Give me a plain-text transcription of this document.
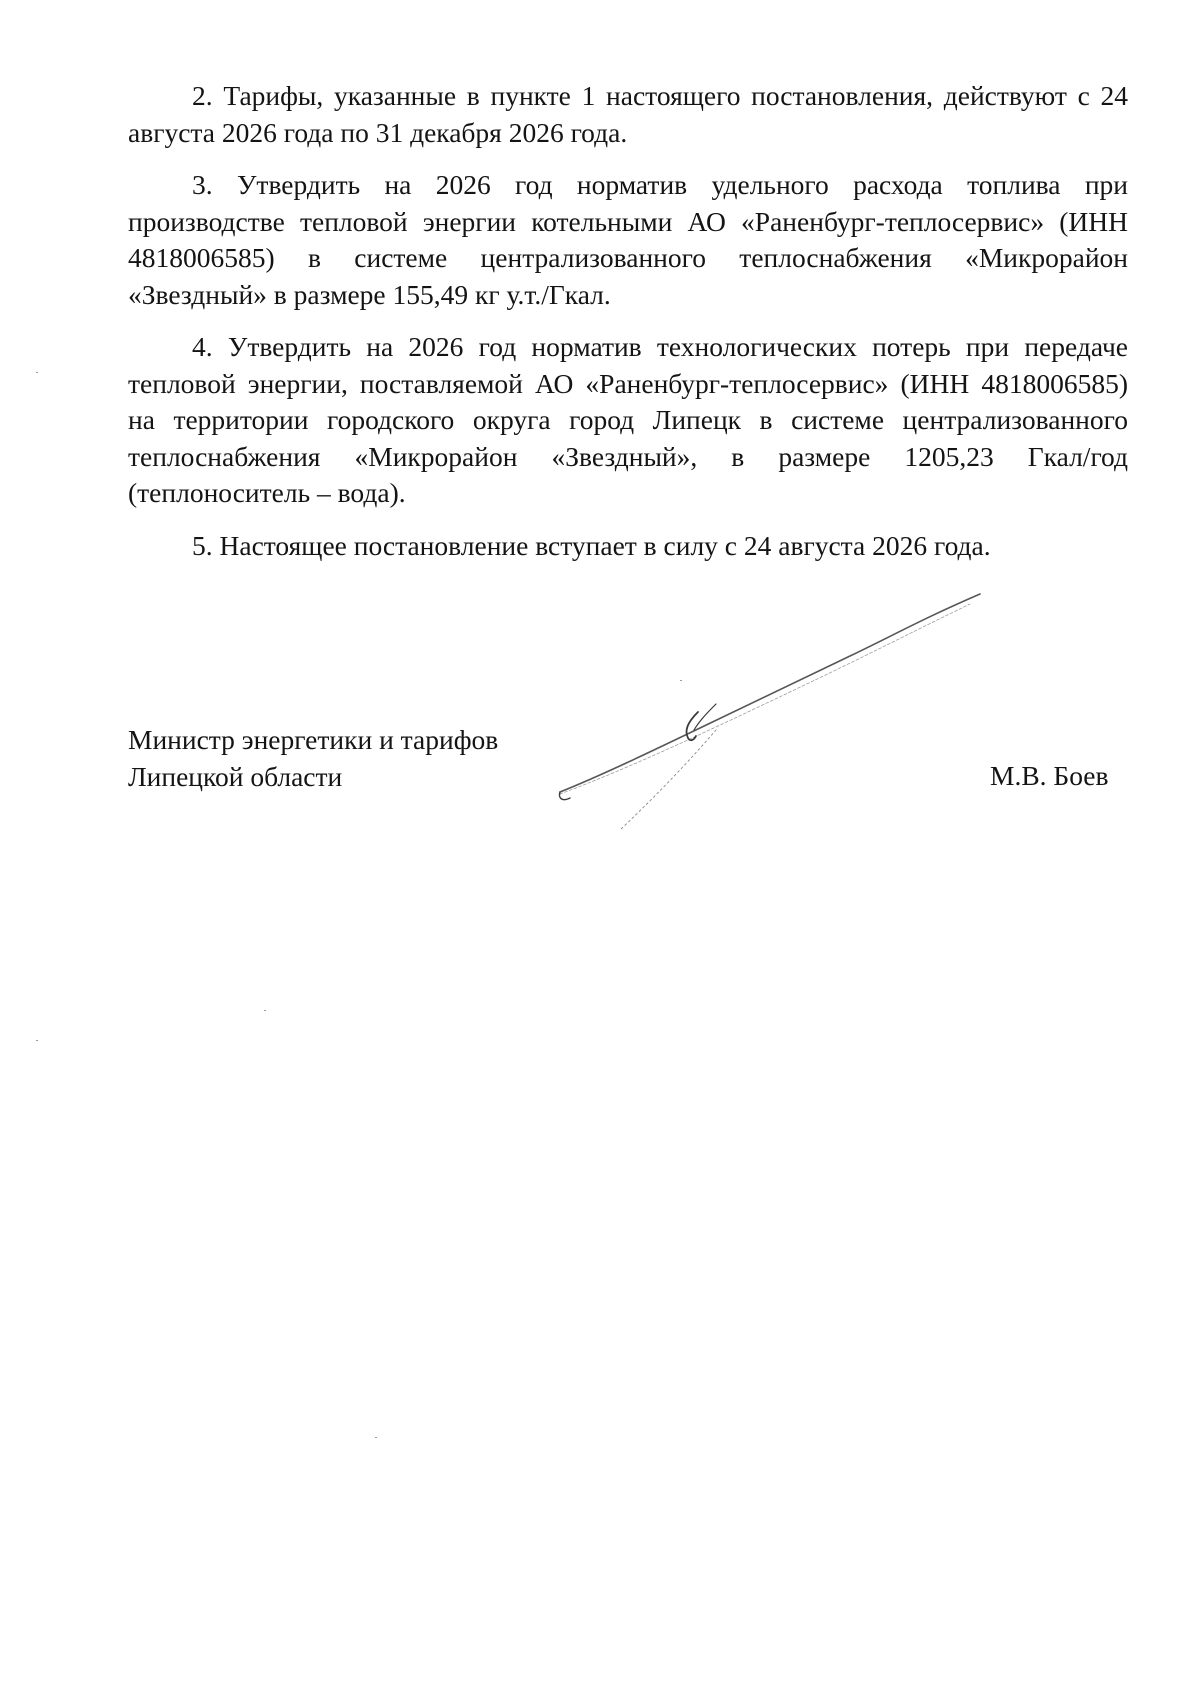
2. Тарифы, указанные в пункте 1 настоящего постановления, действуют с 24 августа 2026 года по 31 декабря 2026 года.

3. Утвердить на 2026 год норматив удельного расхода топлива при производстве тепловой энергии котельными АО «Раненбург-теплосервис» (ИНН 4818006585) в системе централизованного теплоснабжения «Микрорайон «Звездный» в размере 155,49 кг у.т./Гкал.

4. Утвердить на 2026 год норматив технологических потерь при передаче тепловой энергии, поставляемой АО «Раненбург-теплосервис» (ИНН 4818006585) на территории городского округа город Липецк в системе централизованного теплоснабжения «Микрорайон «Звездный», в размере 1205,23 Гкал/год (теплоноситель – вода).

5. Настоящее постановление вступает в силу с 24 августа 2026 года.

Министр энергетики и тарифов
Липецкой области	М.В. Боев
